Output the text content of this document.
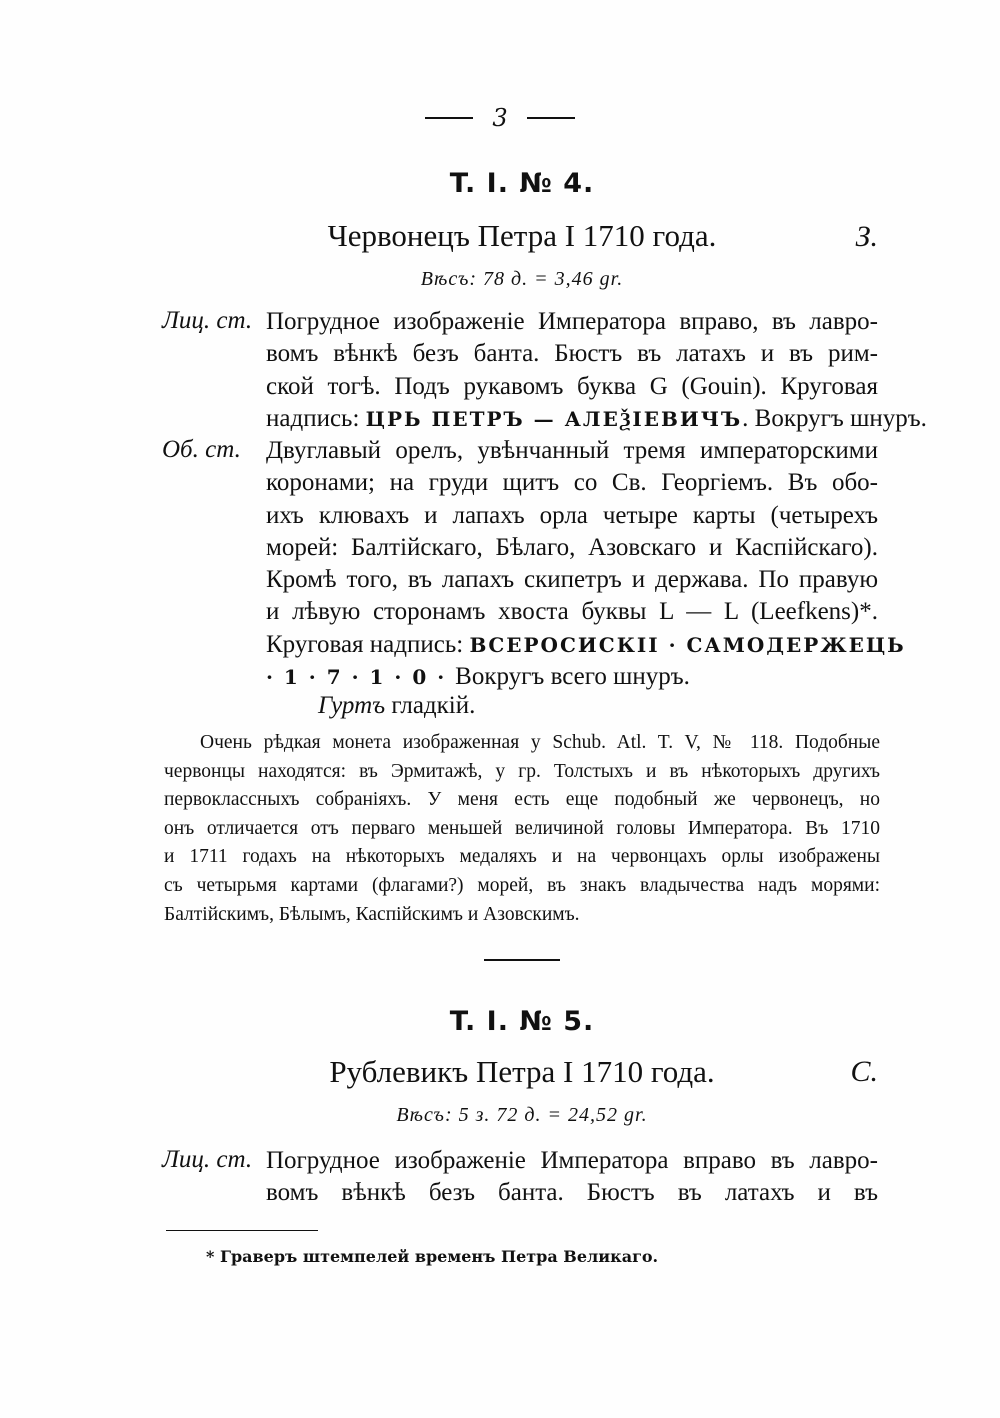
3
T. I. № 4.
Червонецъ Петра I 1710 года.	З.
Вѣсъ: 78 д. = 3,46 gr.
Лиц. ст. Погрудное изображенiе Императора вправо, въ лавро-
вомъ вѣнкѣ безъ банта. Бюстъ въ латахъ и въ рим-
ской тогѣ. Подъ рукавомъ буква G (Gouin). Круговая
надпись: ЦРЬ ПЕТРЪ — АЛЕѮIЕВИЧЪ. Вокругъ шнуръ.
Об. ст. Двуглавый орелъ, увѣнчанный тремя императорскими
коронами; на груди щитъ со Св. Георгiемъ. Въ обо-
ихъ клювахъ и лапахъ орла четыре карты (четырехъ
морей: Балтiйскаго, Бѣлаго, Азовскаго и Каспiйскаго).
Кромѣ того, въ лапахъ скипетръ и держава. По правую
и лѣвую сторонамъ хвоста буквы L — L (Leefkens)*.
Круговая надпись: ВСЕРОСИСКII · САМОДЕРЖЕЦЬ
· 1 · 7 · 1 · 0 · Вокругъ всего шнуръ.
Гуртъ гладкiй.
Очень рѣдкая монета изображенная у Schub. Atl. T. V, № 118. Подобные
червонцы находятся: въ Эрмитажѣ, у гр. Толстыхъ и въ нѣкоторыхъ другихъ
первоклассныхъ собранiяхъ. У меня есть еще подобный же червонецъ, но
онъ отличается отъ перваго меньшей величиной головы Императора. Въ 1710
и 1711 годахъ на нѣкоторыхъ медаляхъ и на червонцахъ орлы изображены
съ четырьмя картами (флагами?) морей, въ знакъ владычества надъ морями:
Балтiйскимъ, Бѣлымъ, Каспiйскимъ и Азовскимъ.
T. I. № 5.
Рублевикъ Петра I 1710 года.	С.
Вѣсъ: 5 з. 72 д. = 24,52 gr.
Лиц. ст. Погрудное изображенiе Императора вправо въ лавро-
вомъ вѣнкѣ безъ банта. Бюстъ въ латахъ и въ
* Граверъ штемпелей временъ Петра Великаго.
